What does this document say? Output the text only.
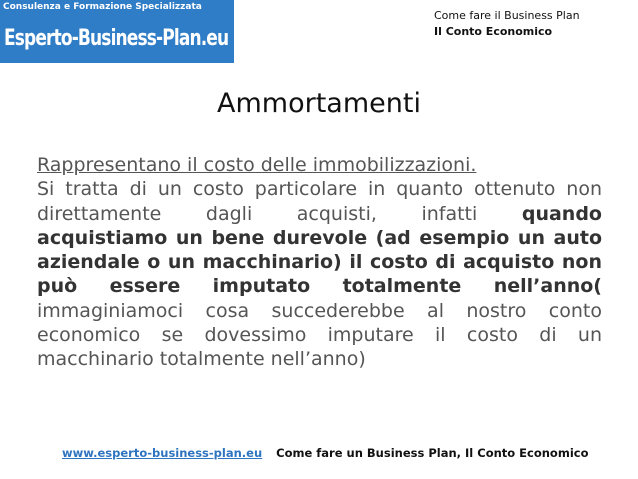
Consulenza e Formazione Specializzata
Esperto-Business-Plan.eu
Come fare il Business Plan
Il Conto Economico
Ammortamenti
Rappresentano il costo delle immobilizzazioni.
Si tratta di un costo particolare in quanto ottenuto non
direttamente dagli acquisti, infatti quando
acquistiamo un bene durevole (ad esempio un auto
aziendale o un macchinario) il costo di acquisto non
può essere imputato totalmente nell’anno(
immaginiamoci cosa succederebbe al nostro conto
economico se dovessimo imputare il costo di un
macchinario totalmente nell’anno)
www.esperto-business-plan.eu Come fare un Business Plan, Il Conto Economico
